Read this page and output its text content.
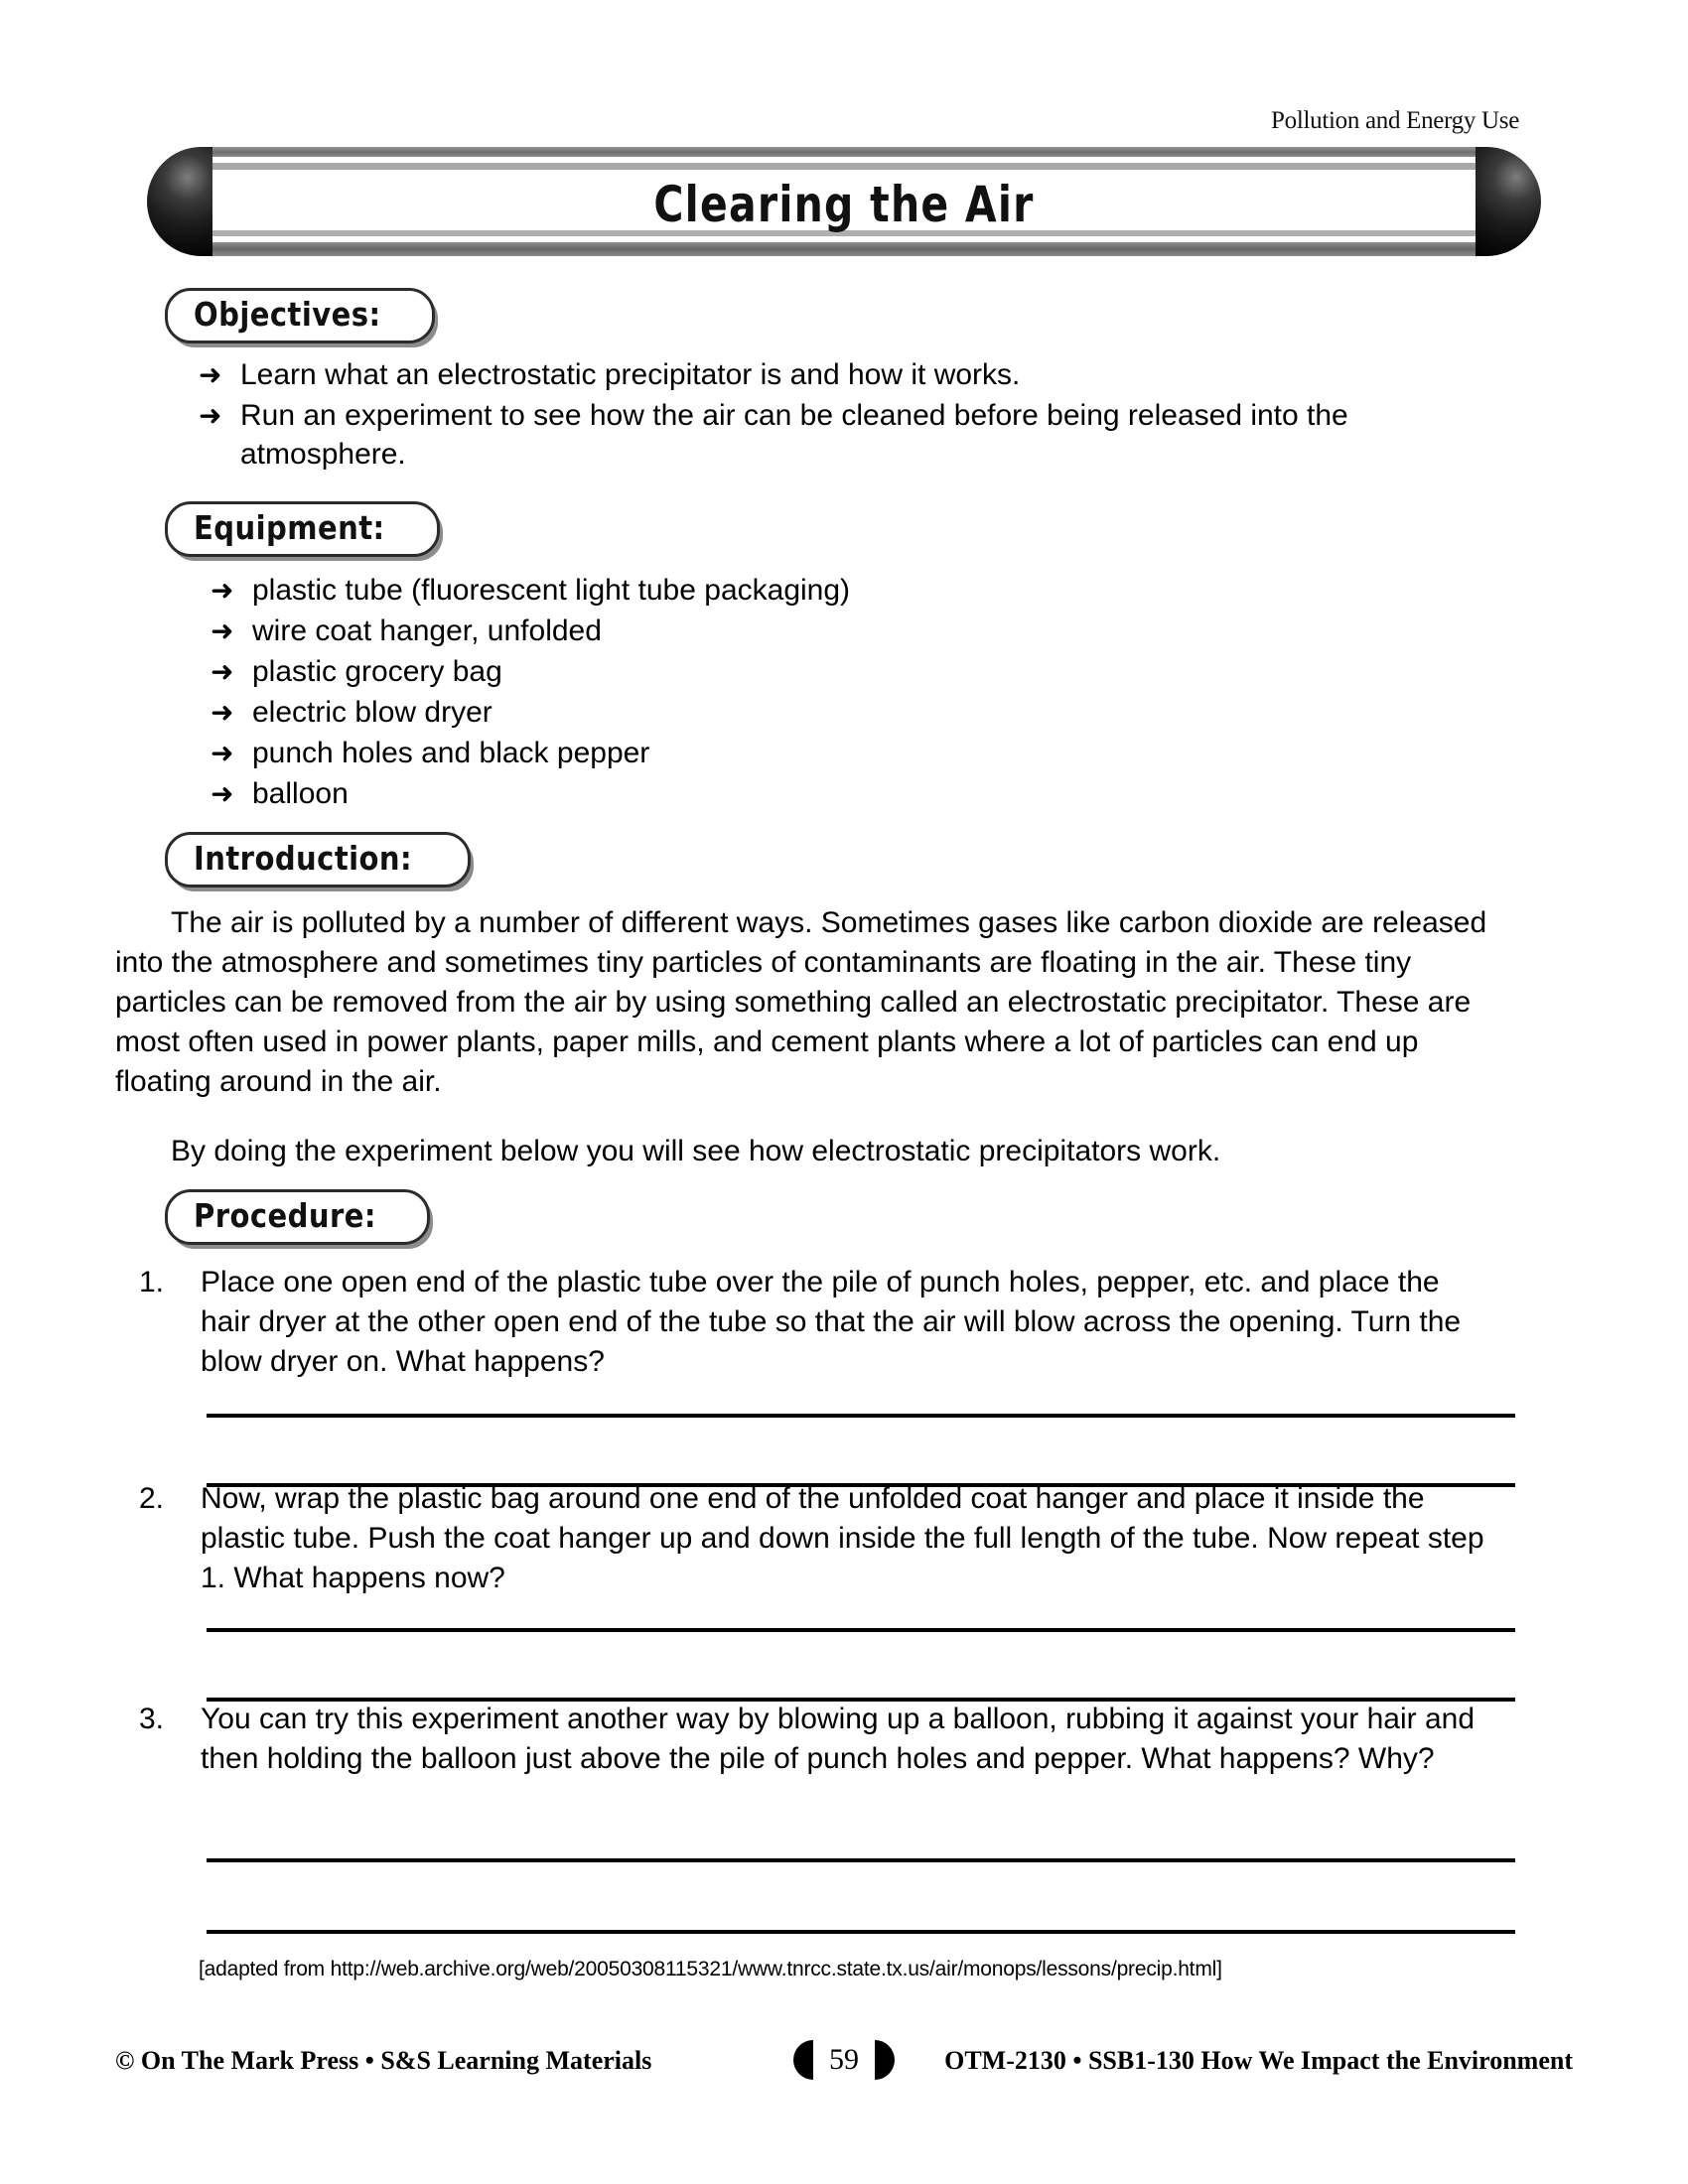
Pollution and Energy Use
Clearing the Air
Objectives:
➜ Learn what an electrostatic precipitator is and how it works.
➜ Run an experiment to see how the air can be cleaned before being released into the atmosphere.
Equipment:
➜ plastic tube (fluorescent light tube packaging)
➜ wire coat hanger, unfolded
➜ plastic grocery bag
➜ electric blow dryer
➜ punch holes and black pepper
➜ balloon
Introduction:
The air is polluted by a number of different ways. Sometimes gases like carbon dioxide are released into the atmosphere and sometimes tiny particles of contaminants are floating in the air. These tiny particles can be removed from the air by using something called an electrostatic precipitator. These are most often used in power plants, paper mills, and cement plants where a lot of particles can end up floating around in the air.
By doing the experiment below you will see how electrostatic precipitators work.
Procedure:
1.	Place one open end of the plastic tube over the pile of punch holes, pepper, etc. and place the hair dryer at the other open end of the tube so that the air will blow across the opening. Turn the blow dryer on. What happens?
2.	Now, wrap the plastic bag around one end of the unfolded coat hanger and place it inside the plastic tube. Push the coat hanger up and down inside the full length of the tube. Now repeat step 1. What happens now?
3.	You can try this experiment another way by blowing up a balloon, rubbing it against your hair and then holding the balloon just above the pile of punch holes and pepper. What happens? Why?
[adapted from http://web.archive.org/web/20050308115321/www.tnrcc.state.tx.us/air/monops/lessons/precip.html]
© On The Mark Press • S&S Learning Materials	59	OTM-2130 • SSB1-130 How We Impact the Environment
